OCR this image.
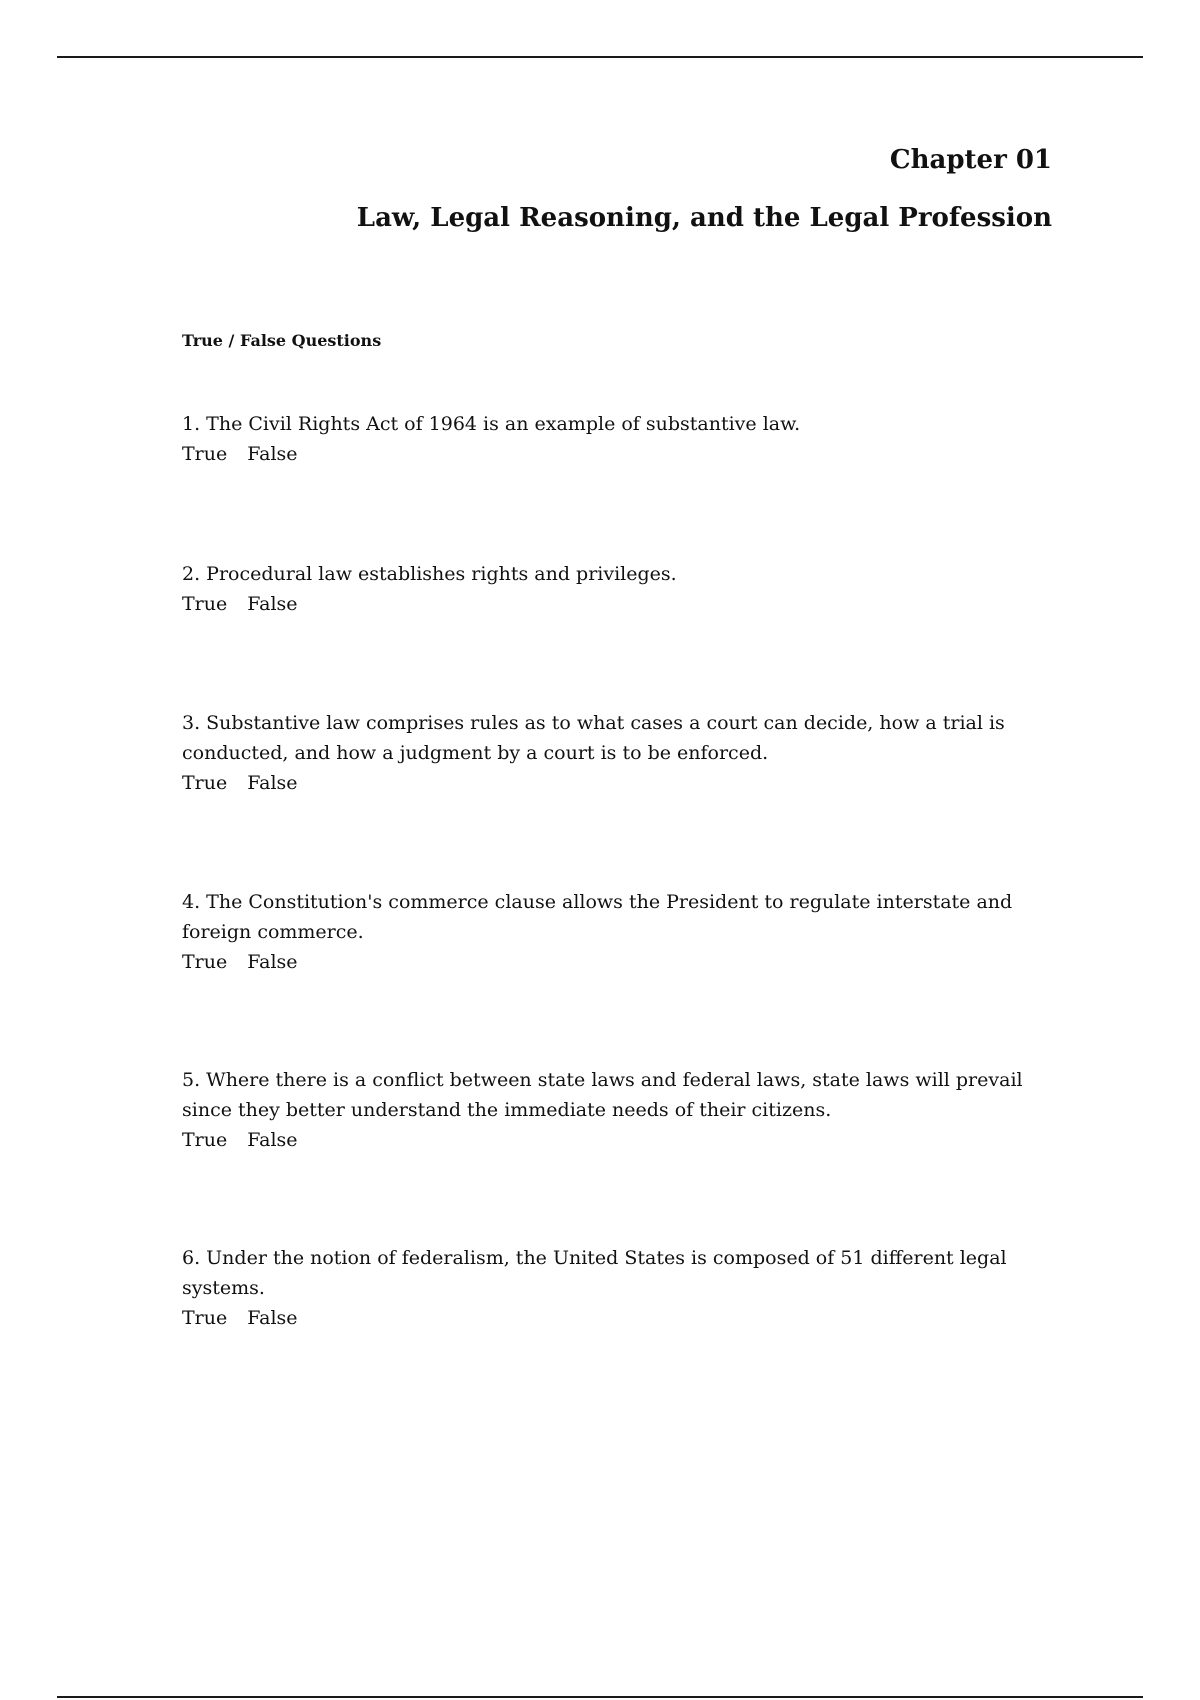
Chapter 01

Law, Legal Reasoning, and the Legal Profession

True / False Questions

1. The Civil Rights Act of 1964 is an example of substantive law.

True False

2. Procedural law establishes rights and privileges.

True False

3. Substantive law comprises rules as to what cases a court can decide, how a trial is conducted, and how a judgment by a court is to be enforced.

True False

4. The Constitution's commerce clause allows the President to regulate interstate and foreign commerce.

True False

5. Where there is a conflict between state laws and federal laws, state laws will prevail since they better understand the immediate needs of their citizens.

True False

6. Under the notion of federalism, the United States is composed of 51 different legal systems.

True False
